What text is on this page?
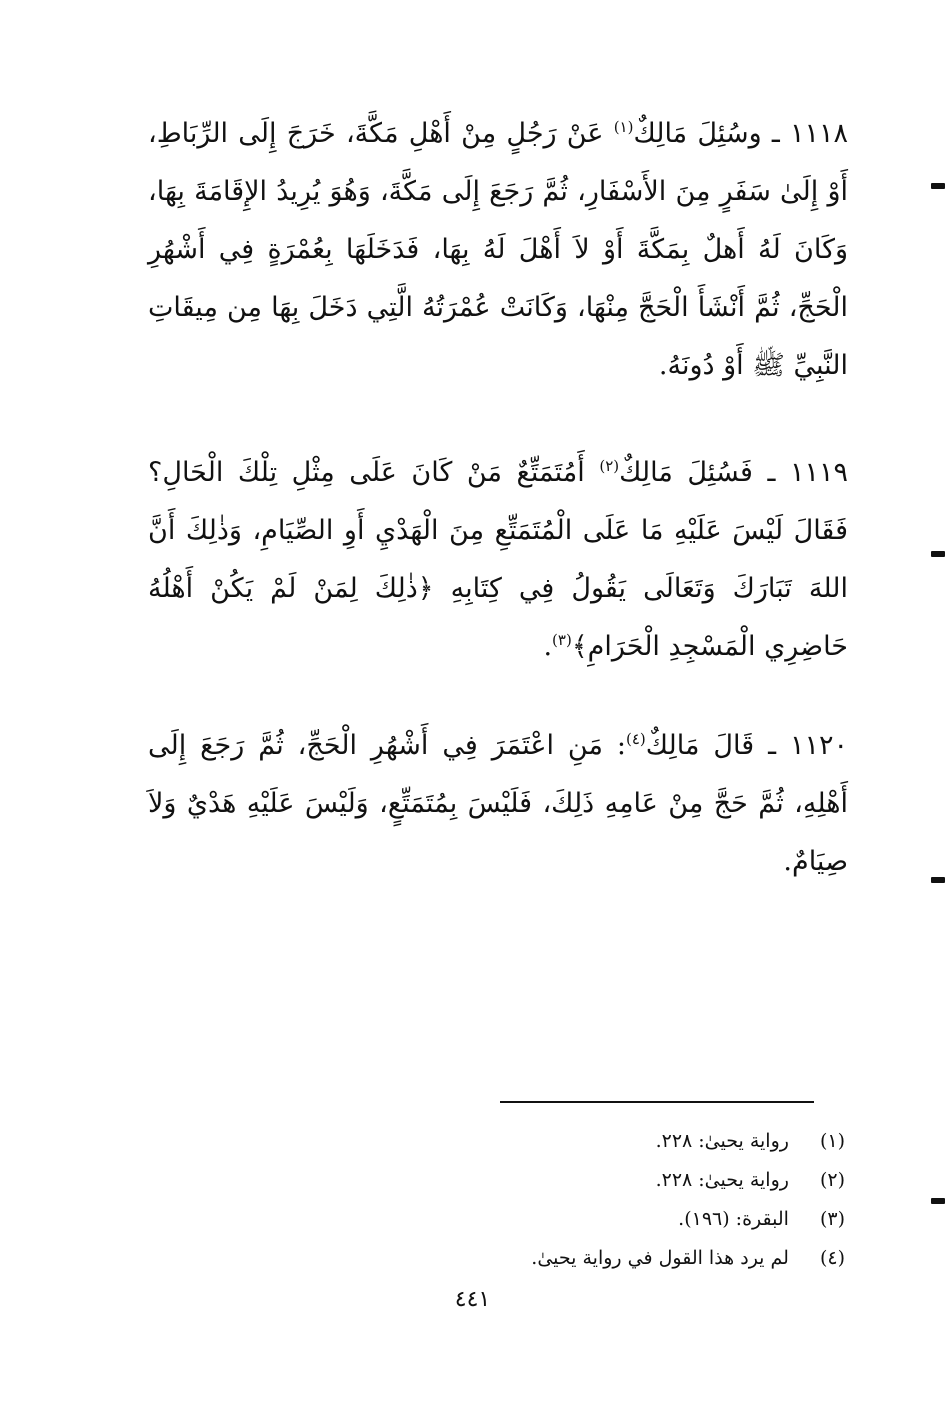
١١١٨ ـ وسُئِلَ مَالِكٌ$^{(١)}$ عَنْ رَجُلٍ مِنْ أَهْلِ مَكَّةَ، خَرَجَ إِلَى الرِّبَاطِ، أَوْ إِلَىٰ سَفَرٍ مِنَ الأَسْفَارِ، ثُمَّ رَجَعَ إِلَى مَكَّةَ، وَهُوَ يُرِيدُ الإِقَامَةَ بِهَا، وَكَانَ لَهُ أَهلٌ بِمَكَّةَ أَوْ لاَ أَهْلَ لَهُ بِهَا، فَدَخَلَهَا بِعُمْرَةٍ فِي أَشْهُرِ الْحَجِّ، ثُمَّ أَنْشَأَ الْحَجَّ مِنْهَا، وَكَانَتْ عُمْرَتُهُ الَّتِي دَخَلَ بِهَا مِن مِيقَاتِ النَّبِيِّ ﷺ أَوْ دُونَهُ.

١١١٩ ـ فَسُئِلَ مَالِكٌ$^{(٢)}$ أَمُتَمَتِّعٌ مَنْ كَانَ عَلَى مِثْلِ تِلْكَ الْحَالِ؟ فَقَالَ لَيْسَ عَلَيْهِ مَا عَلَى الْمُتَمَتِّعِ مِنَ الْهَدْيِ أَوِ الصِّيَامِ، وَذٰلِكَ أَنَّ اللهَ تَبَارَكَ وَتَعَالَى يَقُولُ فِي كِتَابِهِ ﴿ذٰلِكَ لِمَنْ لَمْ يَكُنْ أَهْلُهُ حَاضِرِي الْمَسْجِدِ الْحَرَامِ﴾$^{(٣)}$.

١١٢٠ ـ قَالَ مَالِكٌ$^{(٤)}$: مَنِ اعْتَمَرَ فِي أَشْهُرِ الْحَجِّ، ثُمَّ رَجَعَ إِلَى أَهْلِهِ، ثُمَّ حَجَّ مِنْ عَامِهِ ذَلِكَ، فَلَيْسَ بِمُتَمَتِّعٍ، وَلَيْسَ عَلَيْهِ هَدْيٌ وَلاَ صِيَامٌ.

(١) رواية يحيىٰ: ٢٢٨.
(٢) رواية يحيىٰ: ٢٢٨.
(٣) البقرة: (١٩٦).
(٤) لم يرد هذا القول في رواية يحيىٰ.
٤٤١
